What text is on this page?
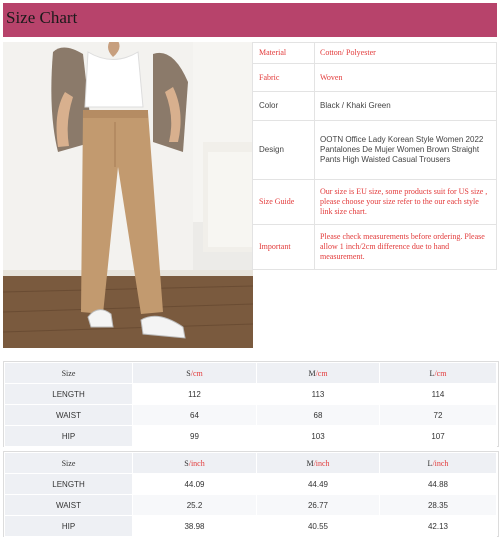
Size Chart
Material	Cotton/ Polyester
Fabric	Woven
Color	Black / Khaki Green
Design	OOTN Office Lady Korean Style Women 2022 Pantalones De Mujer Women Brown Straight Pants High Waisted Casual Trousers
Size Guide	Our size is EU size, some products suit for US size , please choose your size refer to the our each style link size chart.
Important	Please check measurements before ordering. Please allow 1 inch/2cm difference due to hand measurement.
Size	S/cm	M/cm	L/cm
LENGTH	112	113	114
WAIST	64	68	72
HIP	99	103	107
Size	S/inch	M/inch	L/inch
LENGTH	44.09	44.49	44.88
WAIST	25.2	26.77	28.35
HIP	38.98	40.55	42.13
